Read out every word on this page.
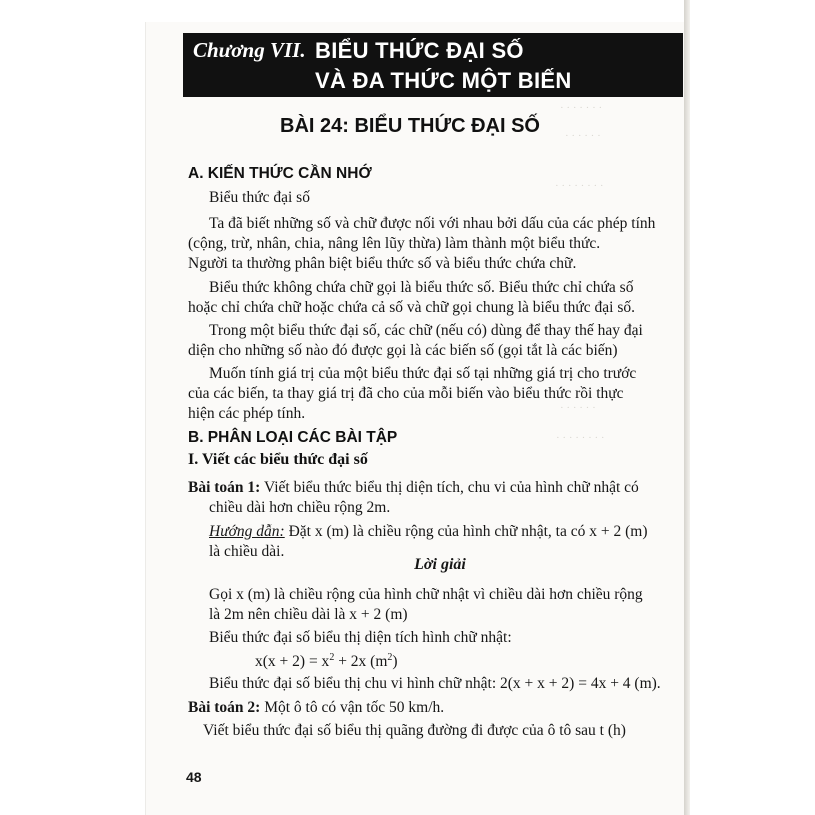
· · · · · · ·
· · · · · ·
· · · · · · · ·
· · · · · ·
· · · · · · · ·
Chương VII. BIỂU THỨC ĐẠI SỐ
VÀ ĐA THỨC MỘT BIẾN
BÀI 24: BIỂU THỨC ĐẠI SỐ
A. KIẾN THỨC CẦN NHỚ
Biểu thức đại số
Ta đã biết những số và chữ được nối với nhau bởi dấu của các phép tính
(cộng, trừ, nhân, chia, nâng lên lũy thừa) làm thành một biểu thức.
Người ta thường phân biệt biểu thức số và biểu thức chứa chữ.
Biểu thức không chứa chữ gọi là biểu thức số. Biểu thức chỉ chứa số
hoặc chỉ chứa chữ hoặc chứa cả số và chữ gọi chung là biểu thức đại số.
Trong một biểu thức đại số, các chữ (nếu có) dùng để thay thế hay đại
diện cho những số nào đó được gọi là các biến số (gọi tắt là các biến)
Muốn tính giá trị của một biểu thức đại số tại những giá trị cho trước
của các biến, ta thay giá trị đã cho của mỗi biến vào biểu thức rồi thực
hiện các phép tính.
B. PHÂN LOẠI CÁC BÀI TẬP
I. Viết các biểu thức đại số
Bài toán 1: Viết biểu thức biểu thị diện tích, chu vi của hình chữ nhật có
chiều dài hơn chiều rộng 2m.
Hướng dẫn: Đặt x (m) là chiều rộng của hình chữ nhật, ta có x + 2 (m)
là chiều dài.
Lời giải
Gọi x (m) là chiều rộng của hình chữ nhật vì chiều dài hơn chiều rộng
là 2m nên chiều dài là x + 2 (m)
Biểu thức đại số biểu thị diện tích hình chữ nhật:
$x(x + 2) = x^2 + 2x$ $(m^2)$
Biểu thức đại số biểu thị chu vi hình chữ nhật: 2(x + x + 2) = 4x + 4 (m).
Bài toán 2: Một ô tô có vận tốc 50 km/h.
Viết biểu thức đại số biểu thị quãng đường đi được của ô tô sau t (h)
48
